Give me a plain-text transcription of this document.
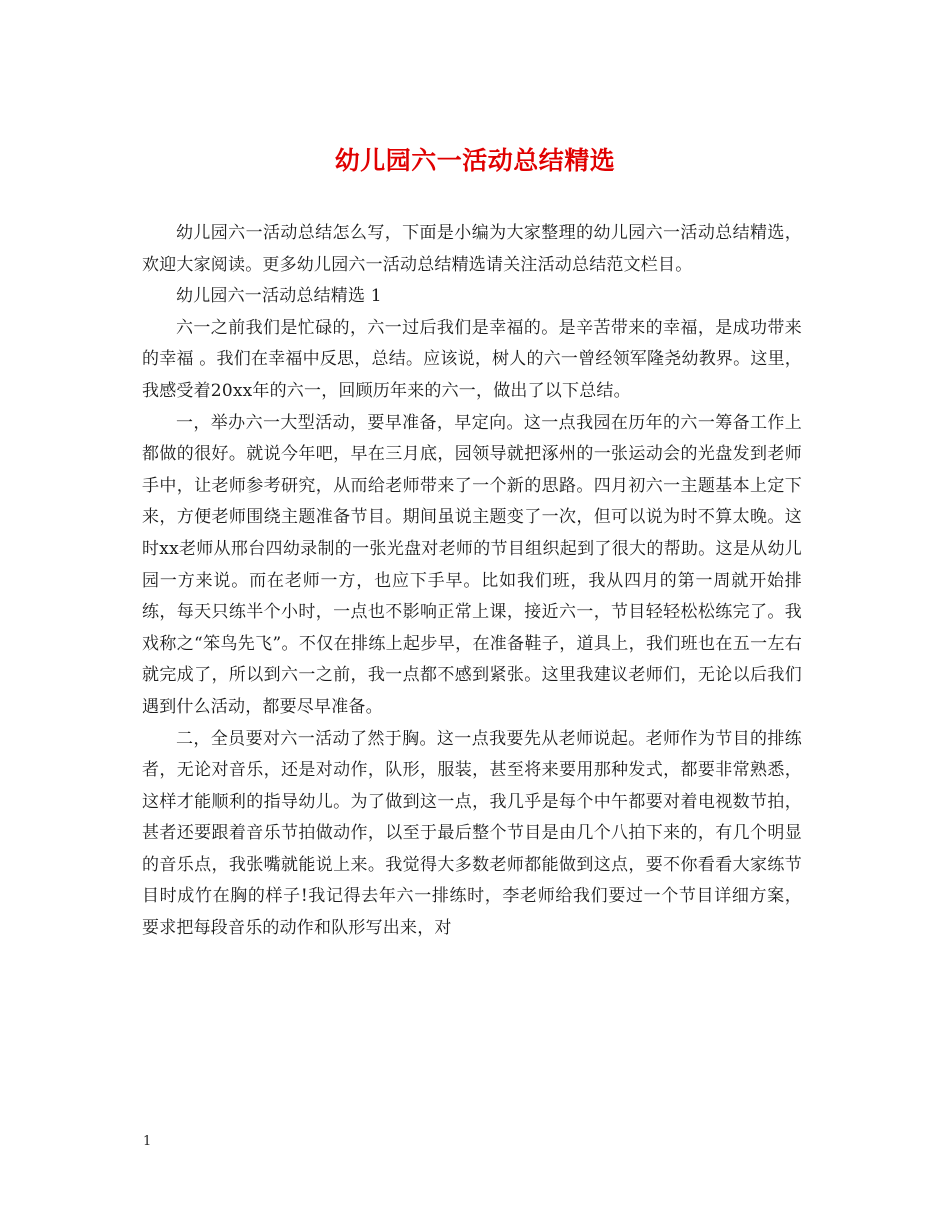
幼儿园六一活动总结精选

幼儿园六一活动总结怎么写，下面是小编为大家整理的幼儿园六一活动总结精选，欢迎大家阅读。更多幼儿园六一活动总结精选请关注活动总结范文栏目。

幼儿园六一活动总结精选 1

六一之前我们是忙碌的，六一过后我们是幸福的。是辛苦带来的幸福，是成功带来的幸福 。我们在幸福中反思，总结。应该说，树人的六一曾经领军隆尧幼教界。这里，我感受着20xx年的六一，回顾历年来的六一，做出了以下总结。

一，举办六一大型活动，要早准备，早定向。这一点我园在历年的六一筹备工作上都做的很好。就说今年吧，早在三月底，园领导就把涿州的一张运动会的光盘发到老师手中，让老师参考研究，从而给老师带来了一个新的思路。四月初六一主题基本上定下来，方便老师围绕主题准备节目。期间虽说主题变了一次，但可以说为时不算太晚。这时xx老师从邢台四幼录制的一张光盘对老师的节目组织起到了很大的帮助。这是从幼儿园一方来说。而在老师一方，也应下手早。比如我们班，我从四月的第一周就开始排练，每天只练半个小时，一点也不影响正常上课，接近六一，节目轻轻松松练完了。我戏称之“笨鸟先飞”。不仅在排练上起步早，在准备鞋子，道具上，我们班也在五一左右就完成了，所以到六一之前，我一点都不感到紧张。这里我建议老师们，无论以后我们遇到什么活动，都要尽早准备。

二，全员要对六一活动了然于胸。这一点我要先从老师说起。老师作为节目的排练者，无论对音乐，还是对动作，队形，服装，甚至将来要用那种发式，都要非常熟悉，这样才能顺利的指导幼儿。为了做到这一点，我几乎是每个中午都要对着电视数节拍，甚者还要跟着音乐节拍做动作，以至于最后整个节目是由几个八拍下来的，有几个明显的音乐点，我张嘴就能说上来。我觉得大多数老师都能做到这点，要不你看看大家练节目时成竹在胸的样子!我记得去年六一排练时，李老师给我们要过一个节目详细方案，要求把每段音乐的动作和队形写出来，对

1
